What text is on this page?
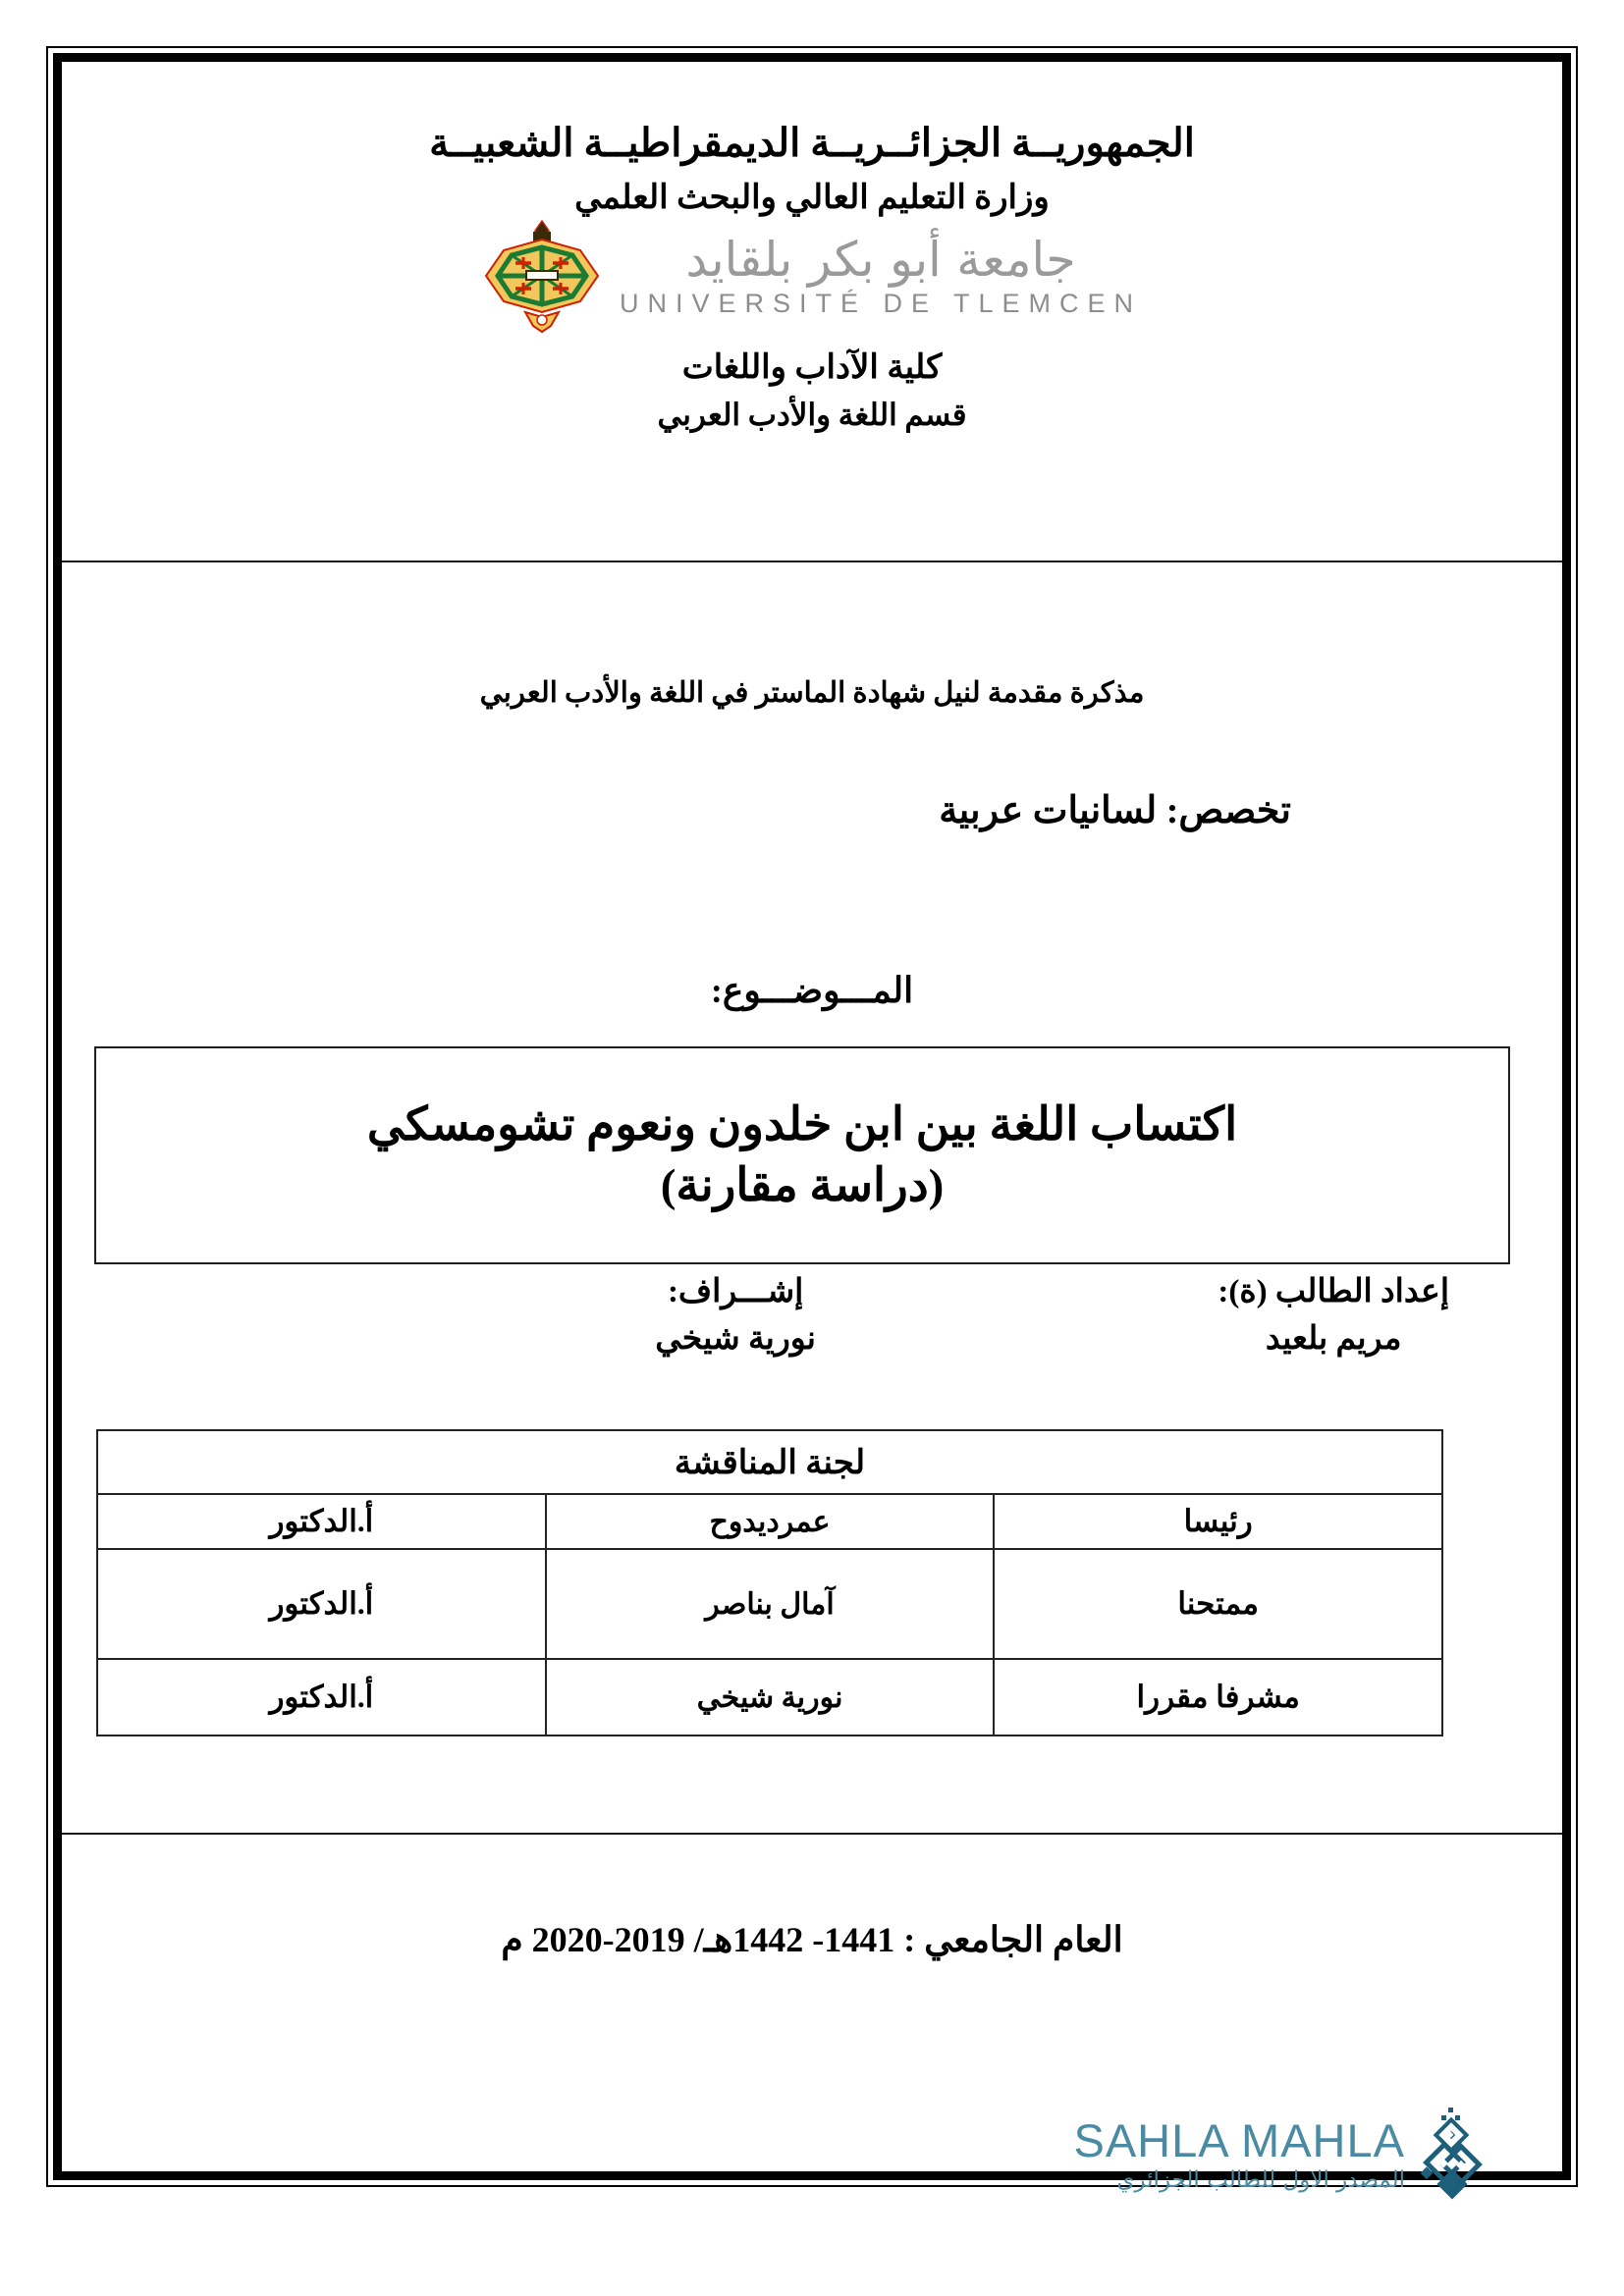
الجمهوريــة الجزائــريــة الديمقراطيــة الشعبيــة
وزارة التعليم العالي والبحث العلمي
جامعة أبو بكر بلقايد
UNIVERSITÉ DE TLEMCEN
كلية الآداب واللغات
قسم اللغة والأدب العربي
مذكرة مقدمة لنيل شهادة الماستر في اللغة والأدب العربي
تخصص: لسانيات عربية
المـــوضـــوع:
اكتساب اللغة بين ابن خلدون ونعوم تشومسكي
(دراسة مقارنة)
إعداد الطالب (ة):
مريم بلعيد
إشـــراف:
نورية شيخي
لجنة المناقشة		
رئيسا	عمرديدوح	أ.الدكتور
ممتحنا	آمال بناصر	أ.الدكتور
مشرفا مقررا	نورية شيخي	أ.الدكتور
العام الجامعي : 1441- 1442هـ/ 2019-2020 م
SAHLA MAHLA
المصدر الاول للطالب الجزائري
